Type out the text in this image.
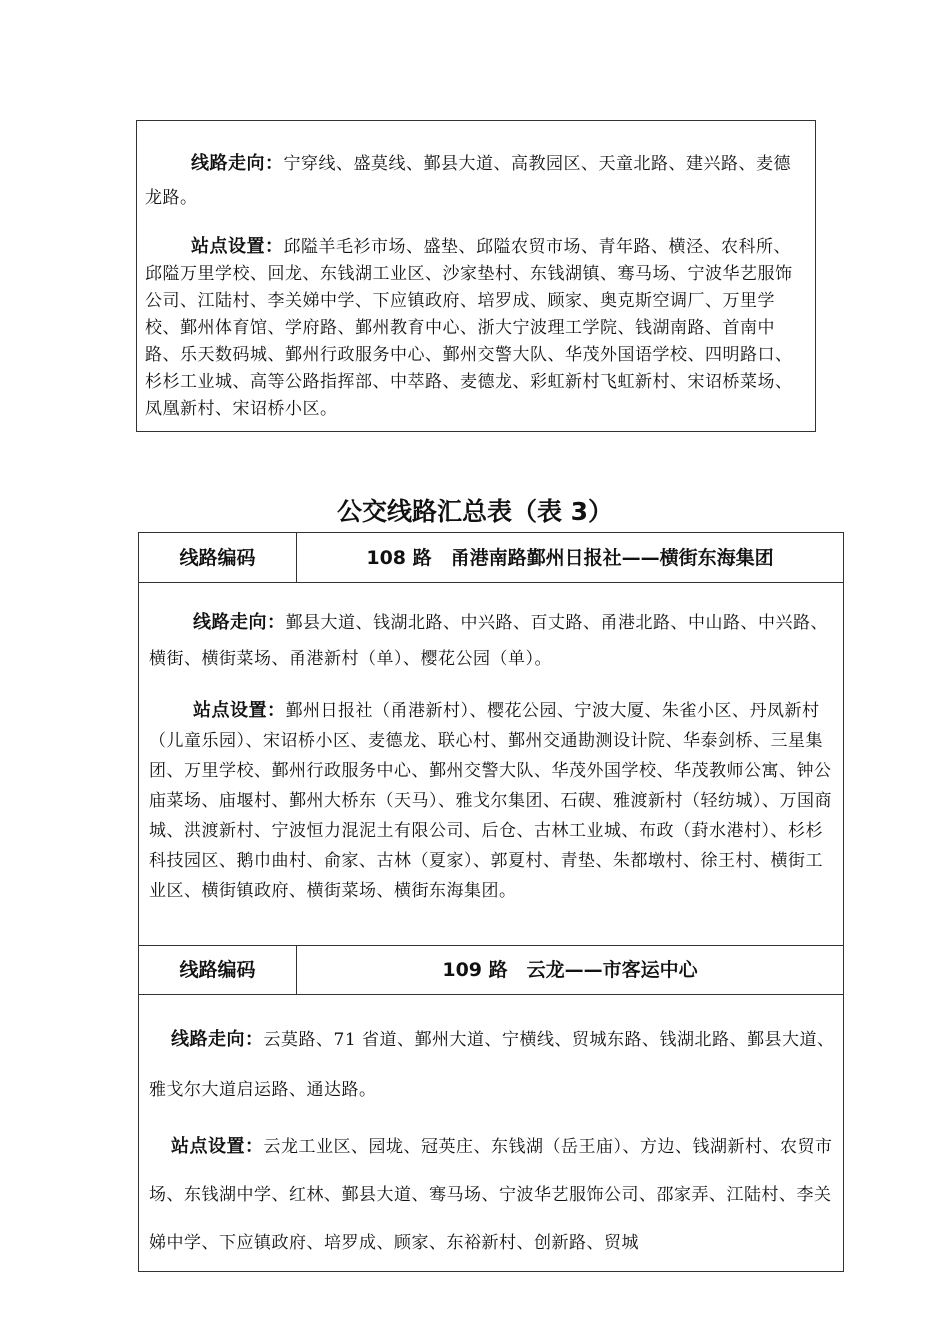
线路走向：宁穿线、盛莫线、鄞县大道、高教园区、天童北路、建兴路、麦德龙路。
站点设置：邱隘羊毛衫市场、盛垫、邱隘农贸市场、青年路、横泾、农科所、邱隘万里学校、回龙、东钱湖工业区、沙家垫村、东钱湖镇、骞马场、宁波华艺服饰公司、江陆村、李关娣中学、下应镇政府、培罗成、顾家、奥克斯空调厂、万里学校、鄞州体育馆、学府路、鄞州教育中心、浙大宁波理工学院、钱湖南路、首南中路、乐天数码城、鄞州行政服务中心、鄞州交警大队、华茂外国语学校、四明路口、杉杉工业城、高等公路指挥部、中萃路、麦德龙、彩虹新村飞虹新村、宋诏桥菜场、凤凰新村、宋诏桥小区。
公交线路汇总表（表 3）
线路编码	108 路　甬港南路鄞州日报社——横街东海集团
线路走向：鄞县大道、钱湖北路、中兴路、百丈路、甬港北路、中山路、中兴路、横街、横街菜场、甬港新村（单）、樱花公园（单）。
站点设置：鄞州日报社（甬港新村）、樱花公园、宁波大厦、朱雀小区、丹凤新村（儿童乐园）、宋诏桥小区、麦德龙、联心村、鄞州交通勘测设计院、华泰剑桥、三星集团、万里学校、鄞州行政服务中心、鄞州交警大队、华茂外国学校、华茂教师公寓、钟公庙菜场、庙堰村、鄞州大桥东（天马）、雅戈尔集团、石碶、雅渡新村（轻纺城）、万国商城、洪渡新村、宁波恒力混泥土有限公司、后仓、古林工业城、布政（葑水港村）、杉杉科技园区、鹅巾曲村、俞家、古林（夏家）、郭夏村、青垫、朱都墩村、徐王村、横街工业区、横街镇政府、横街菜场、横街东海集团。
线路编码	109 路　云龙——市客运中心
线路走向：云莫路、71 省道、鄞州大道、宁横线、贸城东路、钱湖北路、鄞县大道、雅戈尔大道启运路、通达路。
站点设置：云龙工业区、园垅、冠英庄、东钱湖（岳王庙）、方边、钱湖新村、农贸市场、东钱湖中学、红林、鄞县大道、骞马场、宁波华艺服饰公司、邵家弄、江陆村、李关娣中学、下应镇政府、培罗成、顾家、东裕新村、创新路、贸城
